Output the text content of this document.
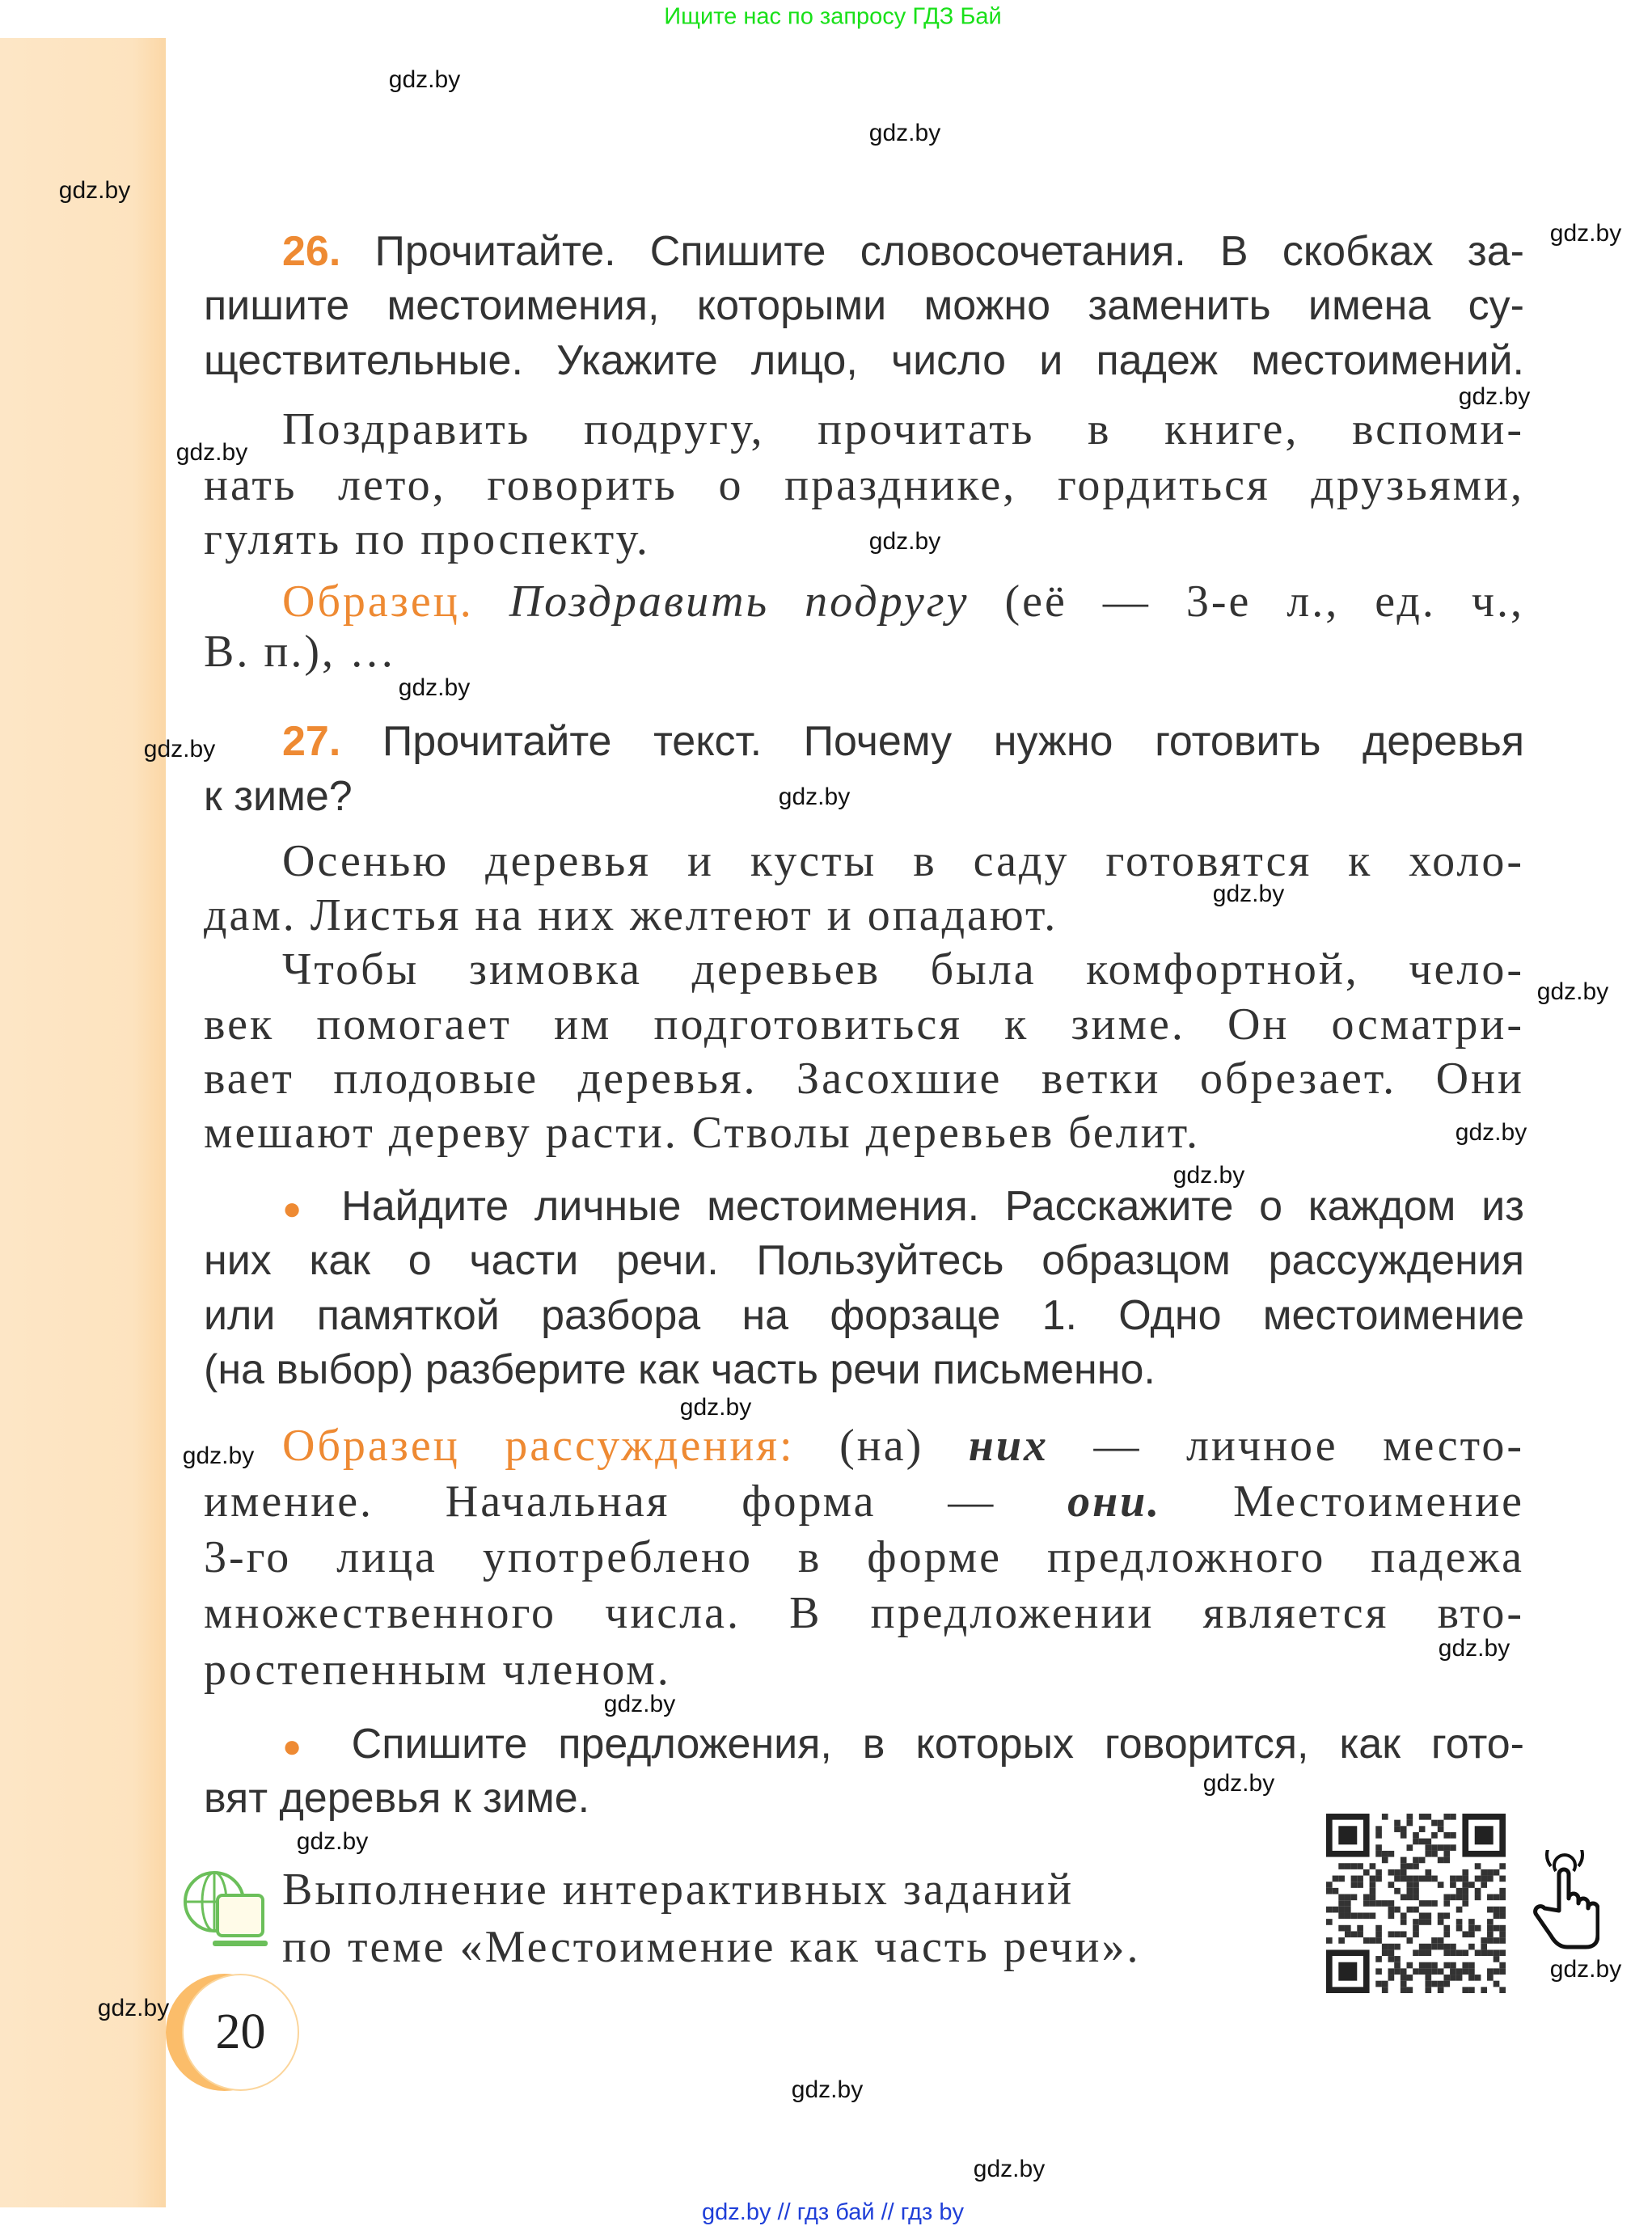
Ищите нас по запросу ГДЗ Бай
26. Прочитайте. Спишите словосочетания. В скобках за-
пишите местоимения, которыми можно заменить имена су-
ществительные. Укажите лицо, число и падеж местоимений.
Поздравить подругу, прочитать в книге, вспоми-
нать лето, говорить о празднике, гордиться друзьями,
гулять по проспекту.
Образец. Поздравить подругу (её — 3-е л., ед. ч.,
В. п.), …
27. Прочитайте текст. Почему нужно готовить деревья
к зиме?
Осенью деревья и кусты в саду готовятся к холо-
дам. Листья на них желтеют и опадают.
Чтобы зимовка деревьев была комфортной, чело-
век помогает им подготовиться к зиме. Он осматри-
вает плодовые деревья. Засохшие ветки обрезает. Они
мешают дереву расти. Стволы деревьев белит.
● Найдите личные местоимения. Расскажите о каждом из
них как о части речи. Пользуйтесь образцом рассуждения
или памяткой разбора на форзаце 1. Одно местоимение
(на выбор) разберите как часть речи письменно.
Образец рассуждения: (на) них — личное место-
имение. Начальная форма — они. Местоимение
3-го лица употреблено в форме предложного падежа
множественного числа. В предложении является вто-
ростепенным членом.
● Спишите предложения, в которых говорится, как гото-
вят деревья к зиме.
Выполнение интерактивных заданий
по теме «Местоимение как часть речи».
gdz.by
gdz.by
gdz.by
gdz.by
gdz.by
gdz.by
gdz.by
gdz.by
gdz.by
gdz.by
gdz.by
gdz.by
gdz.by
gdz.by
gdz.by
gdz.by
gdz.by
gdz.by
gdz.by
gdz.by
gdz.by
gdz.by
gdz.by
gdz.by
20
gdz.by // гдз бай // гдз by
